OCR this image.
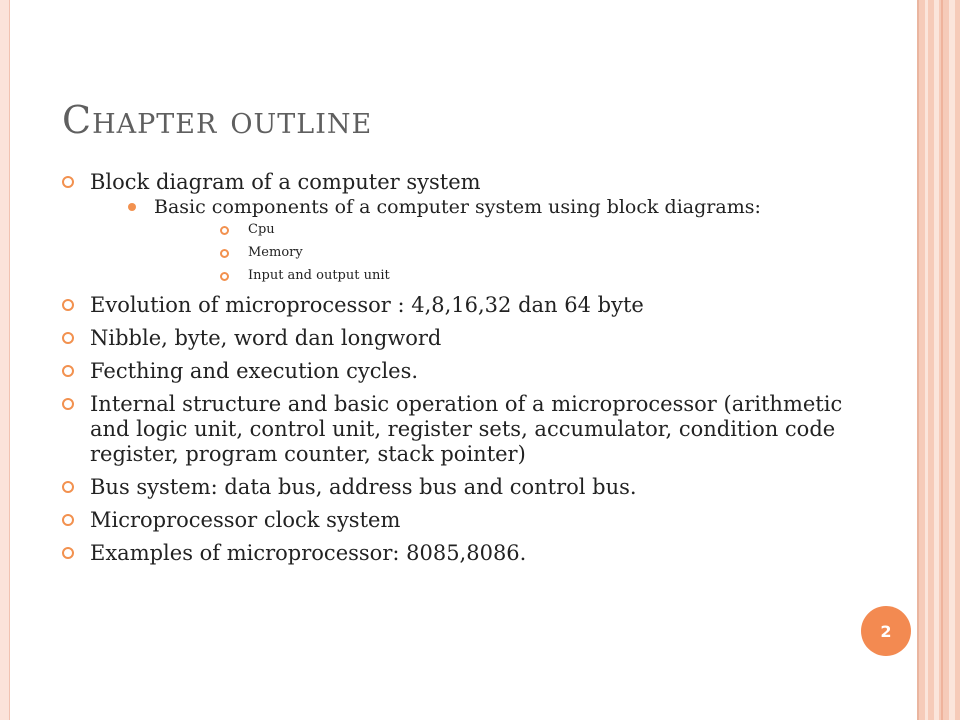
Chapter outline
Block diagram of a computer system
Basic components of a computer system using block diagrams:
Cpu
Memory
Input and output unit
Evolution of microprocessor : 4,8,16,32 dan 64 byte
Nibble, byte, word dan longword
Fecthing and execution cycles.
Internal structure and basic operation of a microprocessor (arithmetic and logic unit, control unit, register sets, accumulator, condition code register, program counter, stack pointer)
Bus system: data bus, address bus and control bus.
Microprocessor clock system
Examples of microprocessor: 8085,8086.
2
